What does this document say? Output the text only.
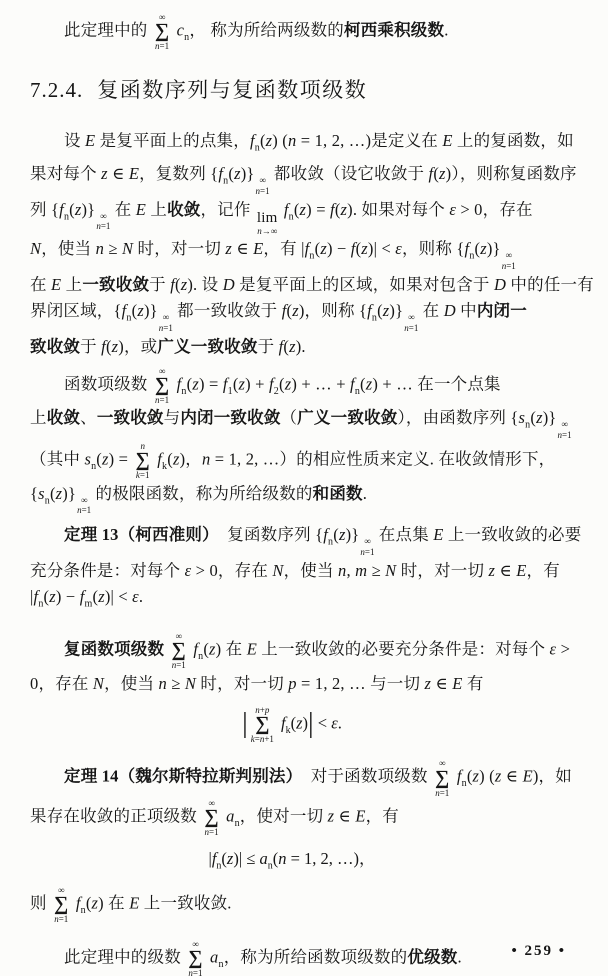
此定理中的
∞
∑
n=1
$c_n$， 称为所给两级数的柯西乘积级数.
7.2.4. 复函数序列与复函数项级数
设 E 是复平面上的点集，$f_n(z) (n = 1$, 2, …)是定义在 E 上的复函数，如
果对每个 z ∈ E，复数列 $\{f_n(z)\}$ ∞
n=1
都收敛（设它收敛于 f(z)），则称复函数序
列 $\{f_n(z)\}$ ∞
n=1
在 E 上收敛，记作 lim
n→∞
$f_n(z) = f(z)$. 如果对每个 ε > 0，存在
N，使当 n ≥ N 时，对一切 z ∈ E，有 $|f_n(z) - f(z)| < \varepsilon$，则称 $\{f_n(z)\}$ ∞
n=1
在 E 上一致收敛于 f(z). 设 D 是复平面上的区域，如果对包含于 D 中的任一有
界闭区域，$\{f_n(z)\}$ ∞
n=1
都一致收敛于 f(z)，则称 $\{f_n(z)\}$ ∞
n=1
在 D 中内闭一
致收敛于 f(z)，或广义一致收敛于 f(z).
函数项级数
∞
∑
n=1
$f_n(z) = f_1(z) + f_2(z)$ + … + $f_n(z)$ + … 在一个点集
上收敛、一致收敛与内闭一致收敛（广义一致收敛），由函数序列 $\{s_n(z)\}$ ∞
n=1
（其中 $s_n(z)$ =
n
∑
k=1
$f_k(z)$，n = 1, 2, …）的相应性质来定义. 在收敛情形下，
$\{s_n(z)\}$ ∞
n=1
的极限函数，称为所给级数的和函数.
定理 13（柯西准则）　复函数序列 $\{f_n(z)\}$ ∞
n=1
在点集 E 上一致收敛的必要
充分条件是：对每个 ε > 0，存在 N，使当 n, m ≥ N 时，对一切 z ∈ E，有
$|f_n(z) - f_m(z)| < \varepsilon$.
复函数项级数
∞
∑
n=1
$f_n(z)$ 在 E 上一致收敛的必要充分条件是：对每个 ε >
0，存在 N，使当 n ≥ N 时，对一切 p = 1, 2, … 与一切 z ∈ E 有
| n+p
∑
k=n+1
$f_k(z)| < \varepsilon$.
定理 14（魏尔斯特拉斯判别法）　对于函数项级数
∞
∑
n=1
$f_n(z)$ (z ∈ E)，如
果存在收敛的正项级数
∞
∑
n=1
$a_n$，使对一切 z ∈ E，有
$|f_n(z)| \le a_n(n = 1$, 2, …)，
则
∞
∑
n=1
$f_n(z)$ 在 E 上一致收敛.
此定理中的级数
∞
∑
n=1
$a_n$，称为所给函数项级数的优级数.	• 259 •
